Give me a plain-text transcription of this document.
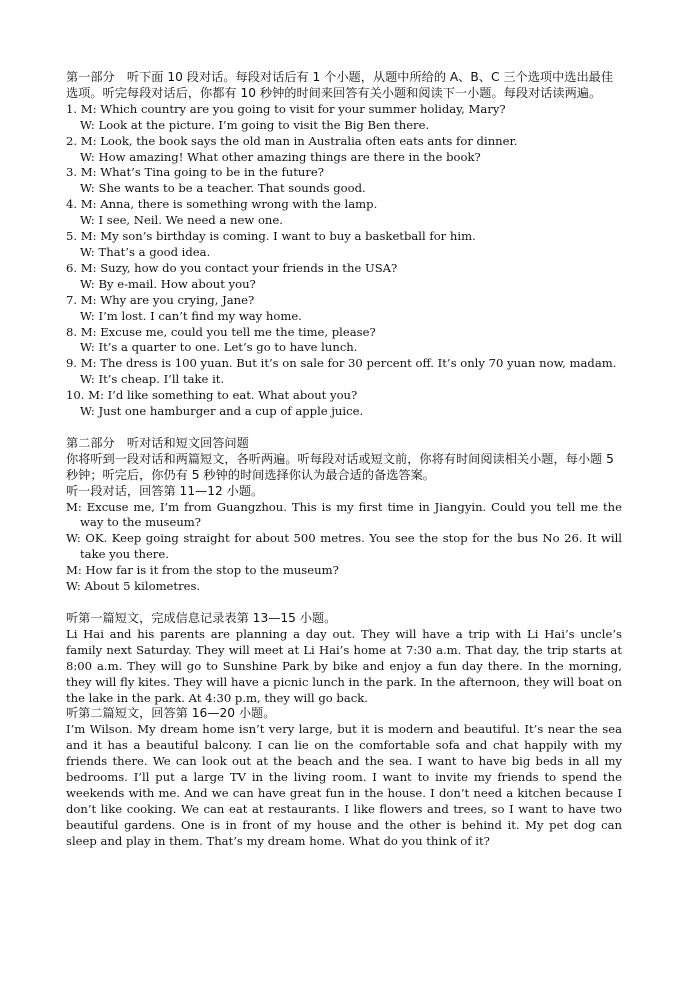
第一部分　听下面 10 段对话。每段对话后有 1 个小题，从题中所给的 A、B、C 三个选项中选出最佳选项。听完每段对话后，你都有 10 秒钟的时间来回答有关小题和阅读下一小题。每段对话读两遍。

1. M: Which country are you going to visit for your summer holiday, Mary?

W: Look at the picture. I’m going to visit the Big Ben there.

2. M: Look, the book says the old man in Australia often eats ants for dinner.

W: How amazing! What other amazing things are there in the book?

3. M: What’s Tina going to be in the future?

W: She wants to be a teacher. That sounds good.

4. M: Anna, there is something wrong with the lamp.

W: I see, Neil. We need a new one.

5. M: My son’s birthday is coming. I want to buy a basketball for him.

W: That’s a good idea.

6. M: Suzy, how do you contact your friends in the USA?

W: By e-mail. How about you?

7. M: Why are you crying, Jane?

W: I’m lost. I can’t find my way home.

8. M: Excuse me, could you tell me the time, please?

W: It’s a quarter to one. Let’s go to have lunch.

9. M: The dress is 100 yuan. But it’s on sale for 30 percent off. It’s only 70 yuan now, madam.

W: It’s cheap. I’ll take it.

10. M: I’d like something to eat. What about you?

W: Just one hamburger and a cup of apple juice.

第二部分　听对话和短文回答问题

你将听到一段对话和两篇短文，各听两遍。听每段对话或短文前，你将有时间阅读相关小题，每小题 5 秒钟；听完后，你仍有 5 秒钟的时间选择你认为最合适的备选答案。

听一段对话，回答第 11—12 小题。

M: Excuse me, I’m from Guangzhou. This is my first time in Jiangyin. Could you tell me the way to the museum?

W: OK. Keep going straight for about 500 metres. You see the stop for the bus No 26. It will take you there.

M: How far is it from the stop to the museum?

W: About 5 kilometres.

听第一篇短文，完成信息记录表第 13—15 小题。

Li Hai and his parents are planning a day out. They will have a trip with Li Hai’s uncle’s family next Saturday. They will meet at Li Hai’s home at 7:30 a.m. That day, the trip starts at 8:00 a.m. They will go to Sunshine Park by bike and enjoy a fun day there. In the morning, they will fly kites. They will have a picnic lunch in the park. In the afternoon, they will boat on the lake in the park. At 4:30 p.m, they will go back.

听第二篇短文，回答第 16—20 小题。

I’m Wilson. My dream home isn’t very large, but it is modern and beautiful. It’s near the sea and it has a beautiful balcony. I can lie on the comfortable sofa and chat happily with my friends there. We can look out at the beach and the sea. I want to have big beds in all my bedrooms. I’ll put a large TV in the living room. I want to invite my friends to spend the weekends with me. And we can have great fun in the house. I don’t need a kitchen because I don’t like cooking. We can eat at restaurants. I like flowers and trees, so I want to have two beautiful gardens. One is in front of my house and the other is behind it. My pet dog can sleep and play in them. That’s my dream home. What do you think of it?
